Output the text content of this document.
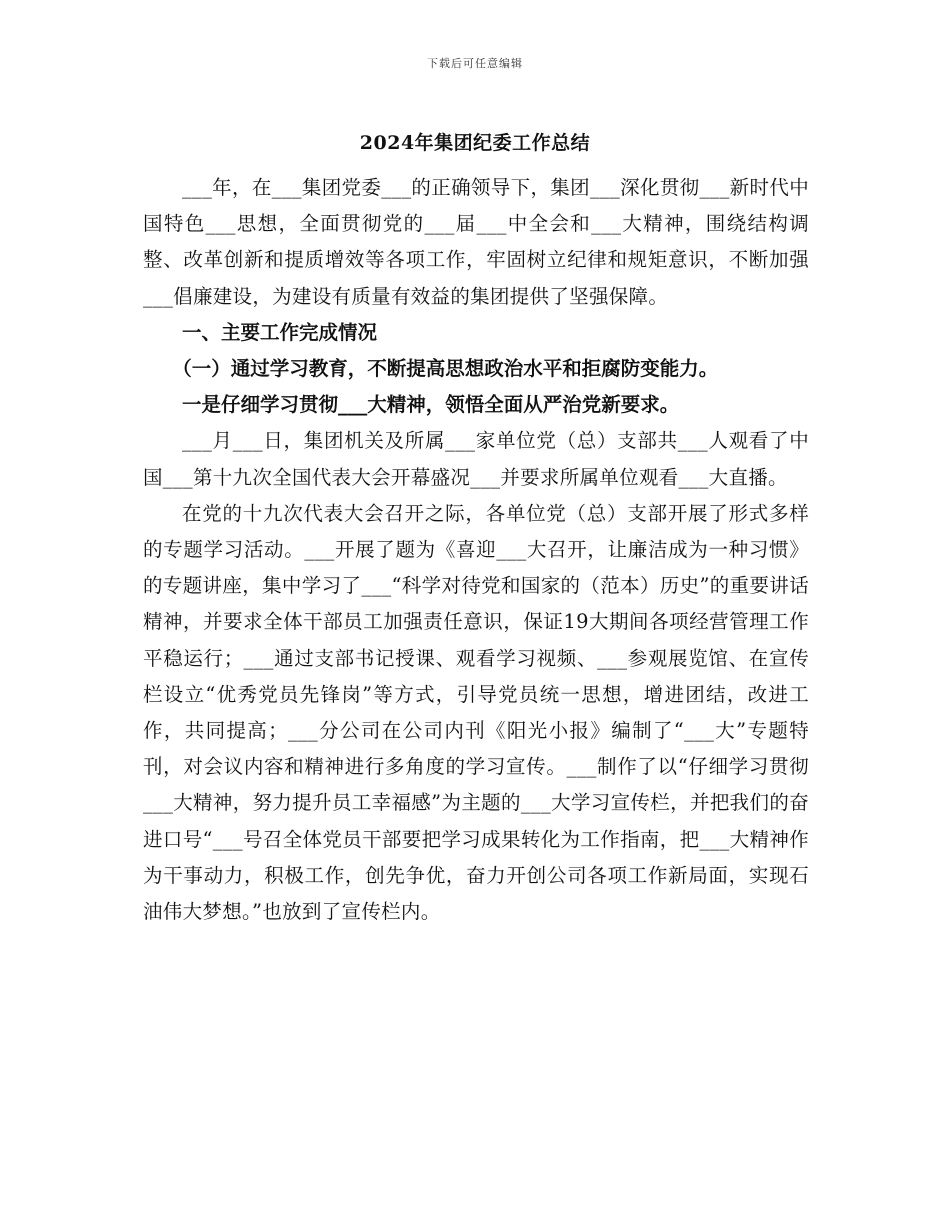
下载后可任意编辑
2024年集团纪委工作总结

___年，在___集团党委___的正确领导下，集团___深化贯彻___新时代中国特色___思想，全面贯彻党的___届___中全会和___大精神，围绕结构调整、改革创新和提质增效等各项工作，牢固树立纪律和规矩意识，不断加强___倡廉建设，为建设有质量有效益的集团提供了坚强保障。

一、主要工作完成情况

（一）通过学习教育，不断提高思想政治水平和拒腐防变能力。

一是仔细学习贯彻___大精神，领悟全面从严治党新要求。

___月___日，集团机关及所属___家单位党（总）支部共___人观看了中国___第十九次全国代表大会开幕盛况___并要求所属单位观看___大直播。

在党的十九次代表大会召开之际，各单位党（总）支部开展了形式多样的专题学习活动。___开展了题为《喜迎___大召开，让廉洁成为一种习惯》的专题讲座，集中学习了___“科学对待党和国家的（范本）历史”的重要讲话精神，并要求全体干部员工加强责任意识，保证19大期间各项经营管理工作平稳运行；___通过支部书记授课、观看学习视频、___参观展览馆、在宣传栏设立“优秀党员先锋岗”等方式，引导党员统一思想，增进团结，改进工作，共同提高；___分公司在公司内刊《阳光小报》编制了“___大”专题特刊，对会议内容和精神进行多角度的学习宣传。___制作了以“仔细学习贯彻___大精神，努力提升员工幸福感”为主题的___大学习宣传栏，并把我们的奋进口号“___号召全体党员干部要把学习成果转化为工作指南，把___大精神作为干事动力，积极工作，创先争优，奋力开创公司各项工作新局面，实现石油伟大梦想。”也放到了宣传栏内。
